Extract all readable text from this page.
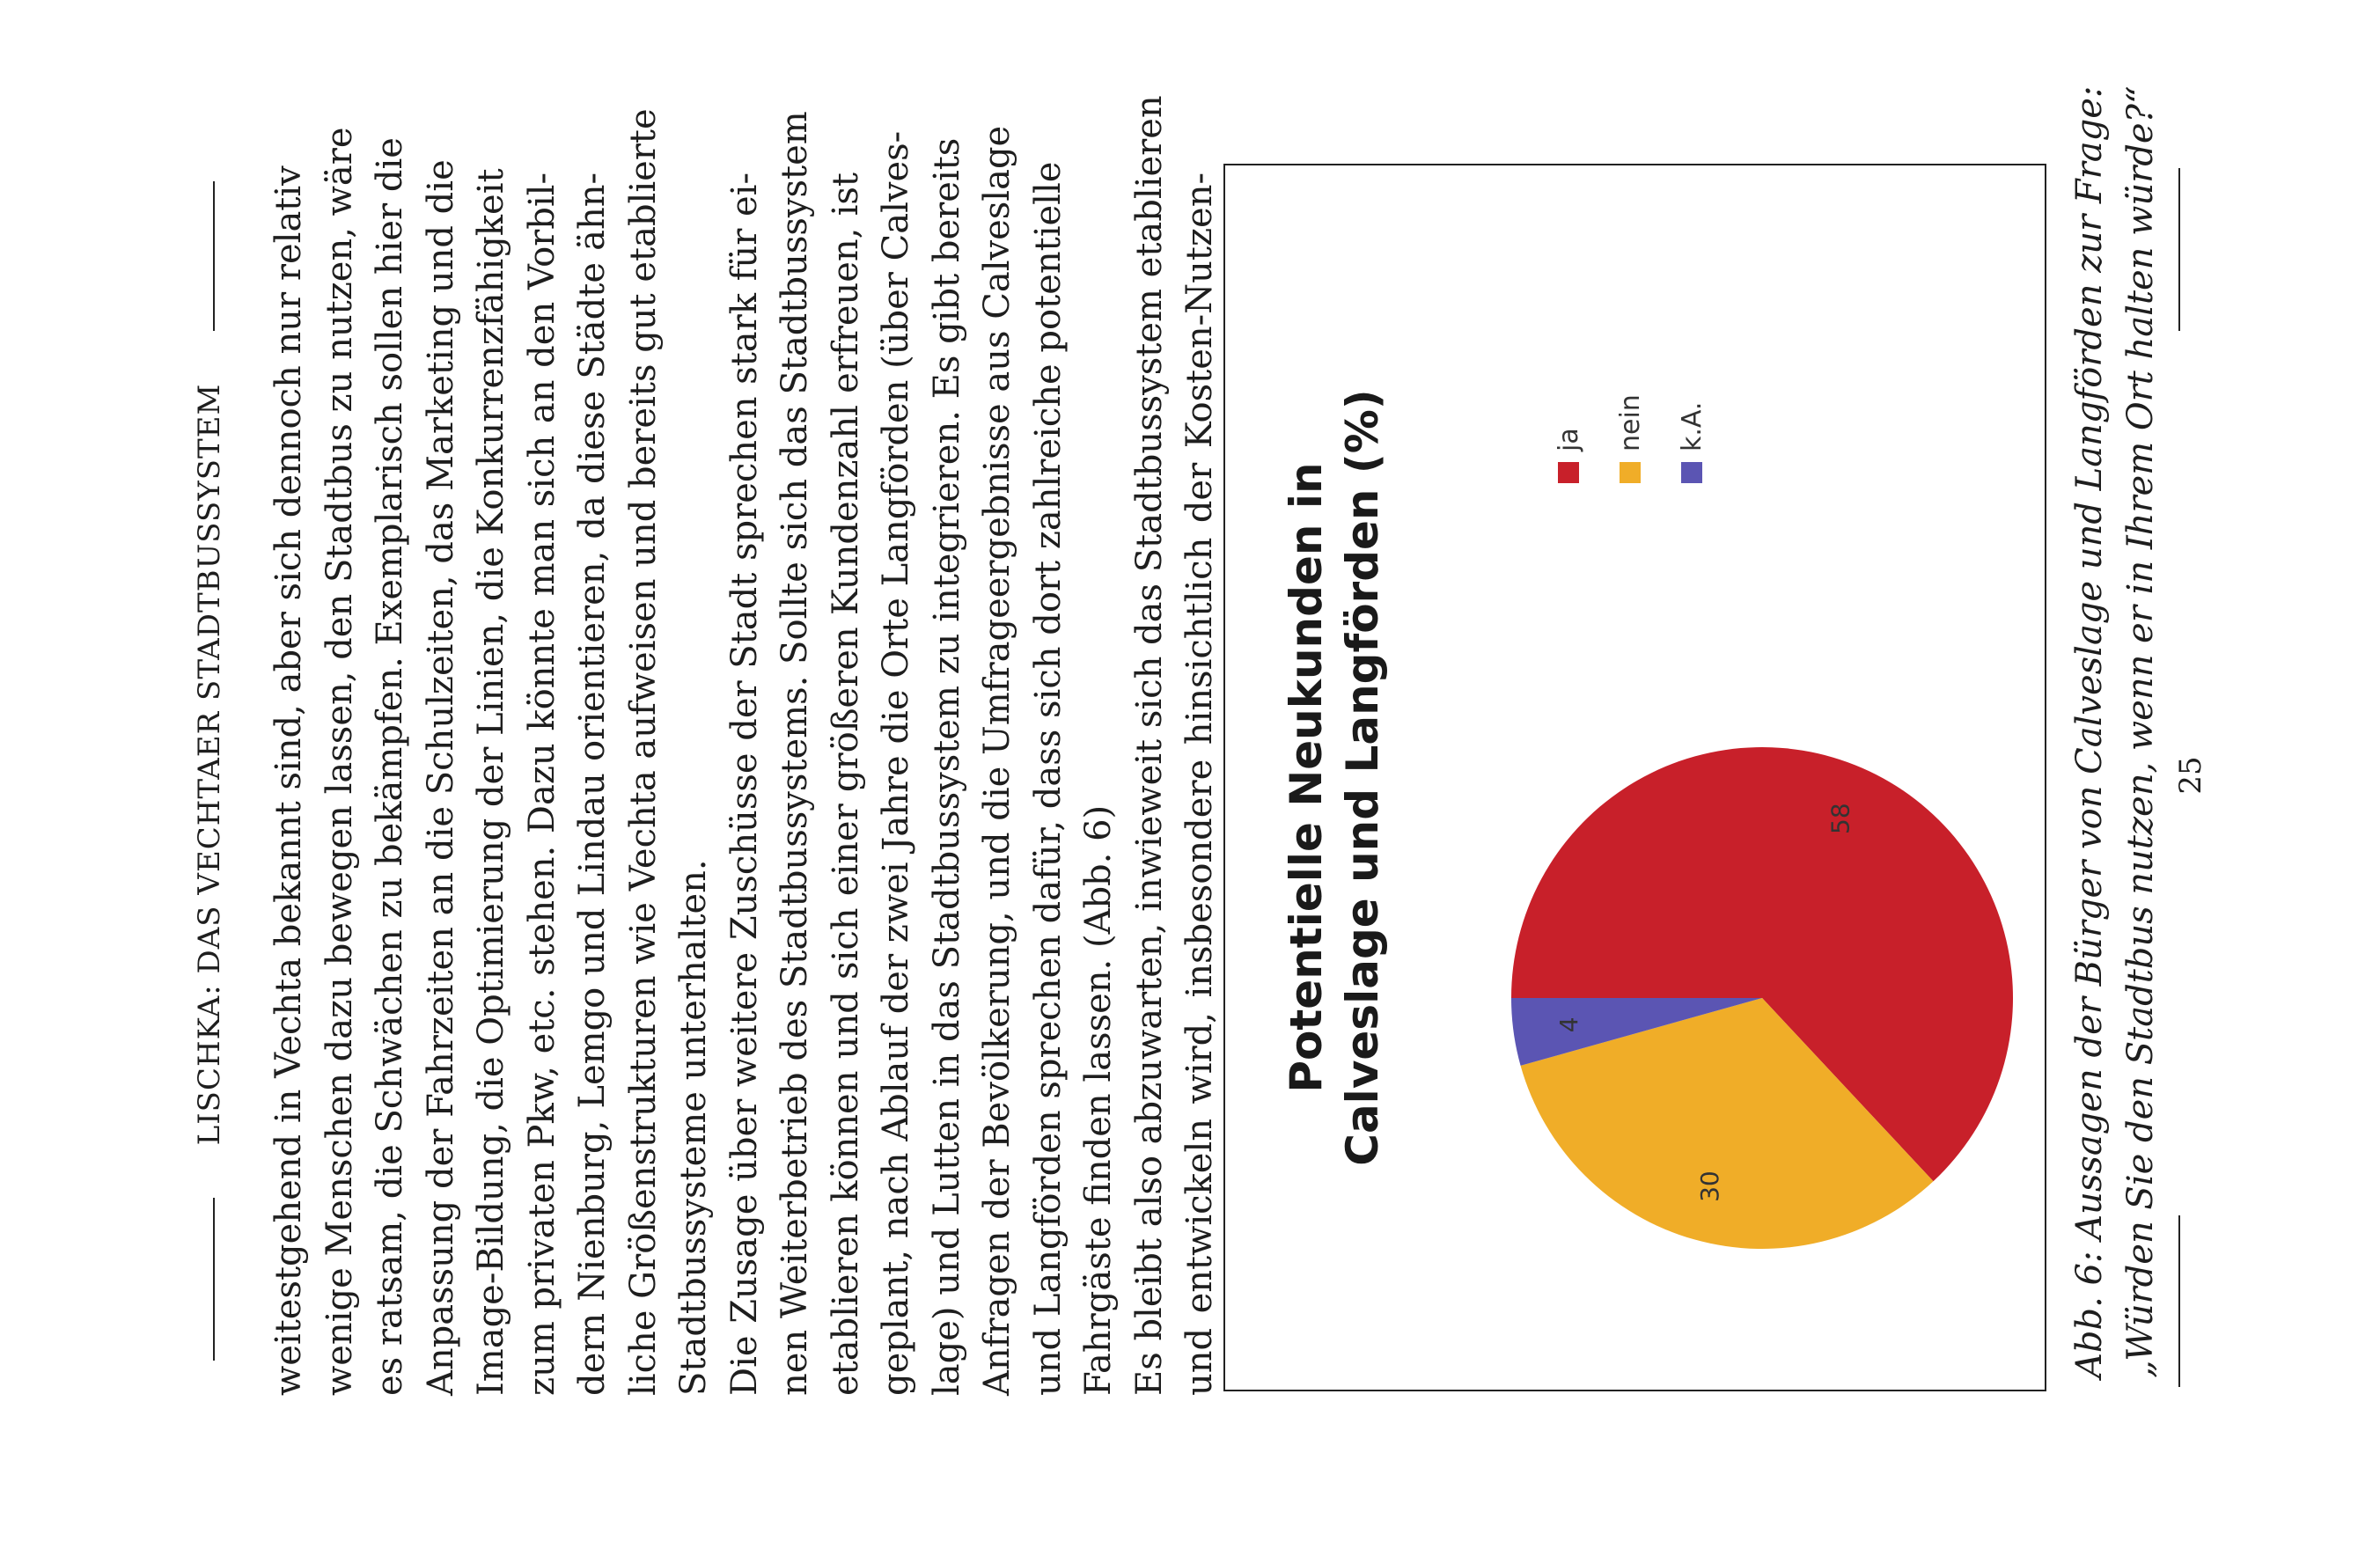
LISCHKA: DAS VECHTAER STADTBUSSYSTEM weitestgehend in Vechta bekannt sind, aber sich dennoch nur relativ wenige Menschen dazu bewegen lassen, den Stadtbus zu nutzen, wäre es ratsam, die Schwächen zu bekämpfen. Exemplarisch sollen hier die Anpassung der Fahrzeiten an die Schulzeiten, das Marketing und die Image-Bildung, die Optimierung der Linien, die Konkurrenzfähigkeit zum privaten Pkw, etc. stehen. Dazu könnte man sich an den Vorbil- dern Nienburg, Lemgo und Lindau orientieren, da diese Städte ähn- liche Größenstrukturen wie Vechta aufweisen und bereits gut etablierte Stadtbussysteme unterhalten. Die Zusage über weitere Zuschüsse der Stadt sprechen stark für ei- nen Weiterbetrieb des Stadtbussystems. Sollte sich das Stadtbussystem etablieren können und sich einer größeren Kundenzahl erfreuen, ist geplant, nach Ablauf der zwei Jahre die Orte Langförden (über Calves- lage) und Lutten in das Stadtbussystem zu integrieren. Es gibt bereits Anfragen der Bevölkerung, und die Umfrageergebnisse aus Calveslage und Langförden sprechen dafür, dass sich dort zahlreiche potentielle Fahrgäste finden lassen. (Abb. 6) Es bleibt also abzuwarten, inwieweit sich das Stadtbussystem etablieren und entwickeln wird, insbesondere hinsichtlich der Kosten-Nutzen- Potentielle Neukunden in Calveslage und Langförden (%)	58
30
4
ja nein k.A.	Abb. 6: Aussagen der Bürger von Calveslage und Langförden zur Frage: „Würden Sie den Stadtbus nutzen, wenn er in Ihrem Ort halten würde?“ 25
